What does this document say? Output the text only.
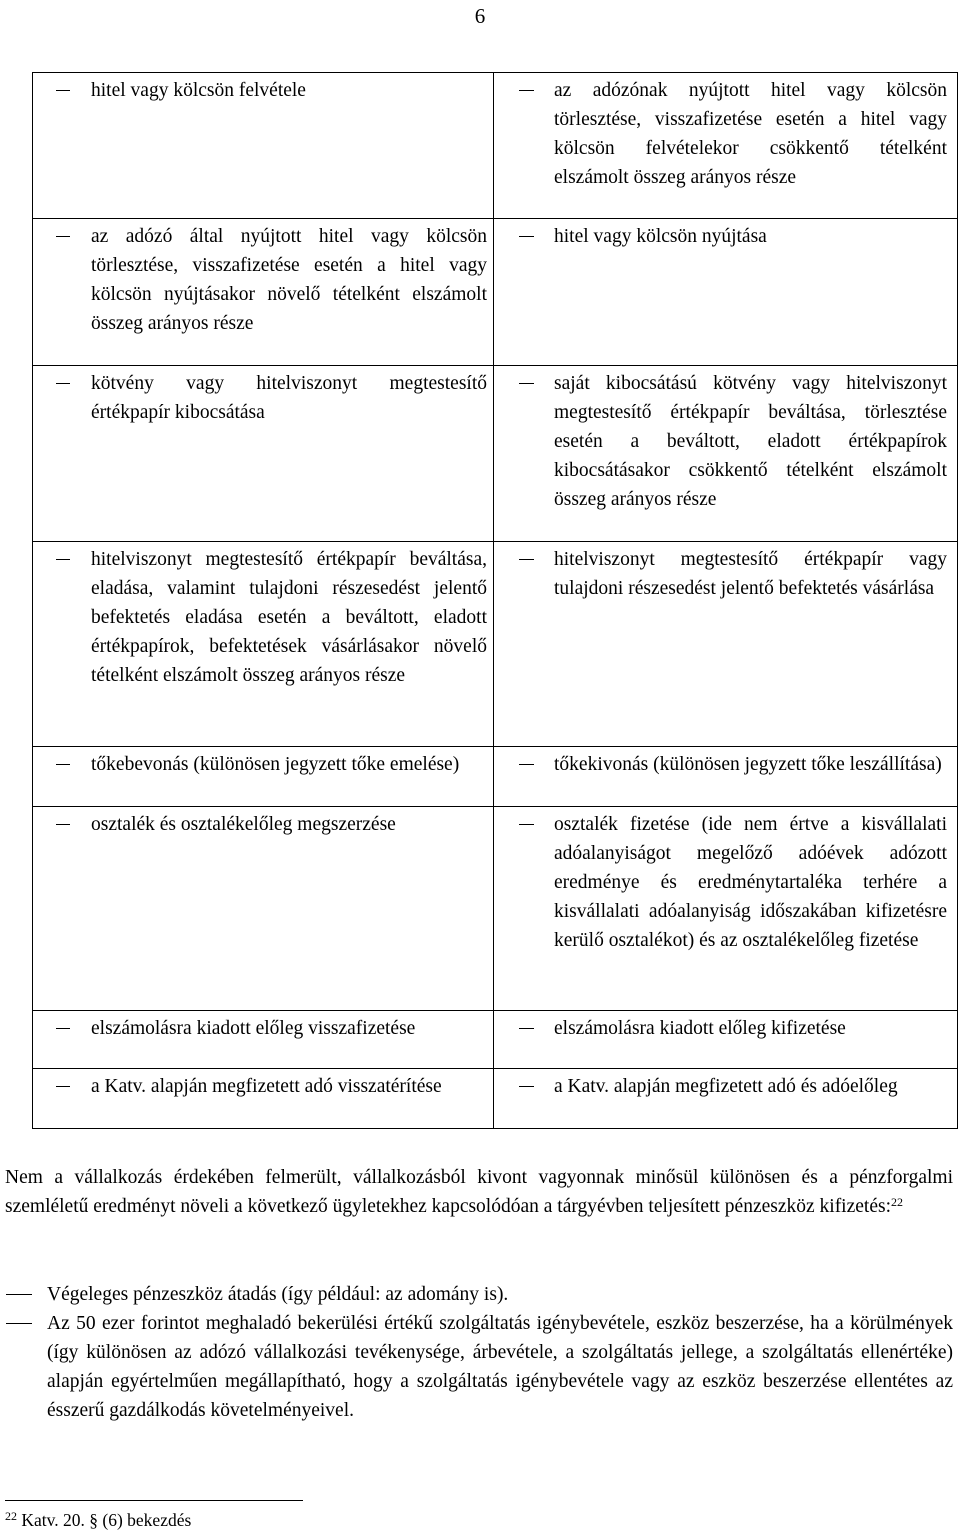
6
hitel vagy kölcsön felvétele	az adózónak nyújtott hitel vagy kölcsön törlesztése, visszafizetése esetén a hitel vagy kölcsön felvételekor csökkentő tételként elszámolt összeg arányos része

az adózó által nyújtott hitel vagy kölcsön törlesztése, visszafizetése esetén a hitel vagy kölcsön nyújtásakor növelő tételként elszámolt összeg arányos része	hitel vagy kölcsön nyújtása

kötvény vagy hitelviszonyt megtestesítő értékpapír kibocsátása	saját kibocsátású kötvény vagy hitelviszonyt megtestesítő értékpapír beváltása, törlesztése esetén a beváltott, eladott értékpapírok kibocsátásakor csökkentő tételként elszámolt összeg arányos része

hitelviszonyt megtestesítő értékpapír beváltása, eladása, valamint tulajdoni részesedést jelentő befektetés eladása esetén a beváltott, eladott értékpapírok, befektetések vásárlásakor növelő tételként elszámolt összeg arányos része	hitelviszonyt megtestesítő értékpapír vagy tulajdoni részesedést jelentő befektetés vásárlása

tőkebevonás (különösen jegyzett tőke emelése)	tőkekivonás (különösen jegyzett tőke leszállítása)

osztalék és osztalékelőleg megszerzése	osztalék fizetése (ide nem értve a kisvállalati adóalanyiságot megelőző adóévek adózott eredménye és eredménytartaléka terhére a kisvállalati adóalanyiság időszakában kifizetésre kerülő osztalékot) és az osztalékelőleg fizetése

elszámolásra kiadott előleg visszafizetése	elszámolásra kiadott előleg kifizetése

a Katv. alapján megfizetett adó visszatérítése	a Katv. alapján megfizetett adó és adóelőleg
Nem a vállalkozás érdekében felmerült, vállalkozásból kivont vagyonnak minősül különösen és a pénzforgalmi szemléletű eredményt növeli a következő ügyletekhez kapcsolódóan a tárgyévben teljesített pénzeszköz kifizetés:$^{22}$
Végeleges pénzeszköz átadás (így például: az adomány is).
Az 50 ezer forintot meghaladó bekerülési értékű szolgáltatás igénybevétele, eszköz beszerzése, ha a körülmények (így különösen az adózó vállalkozási tevékenysége, árbevétele, a szolgáltatás jellege, a szolgáltatás ellenértéke) alapján egyértelműen megállapítható, hogy a szolgáltatás igénybevétele vagy az eszköz beszerzése ellentétes az ésszerű gazdálkodás követelményeivel.
$^{22}$ Katv. 20. § (6) bekezdés
